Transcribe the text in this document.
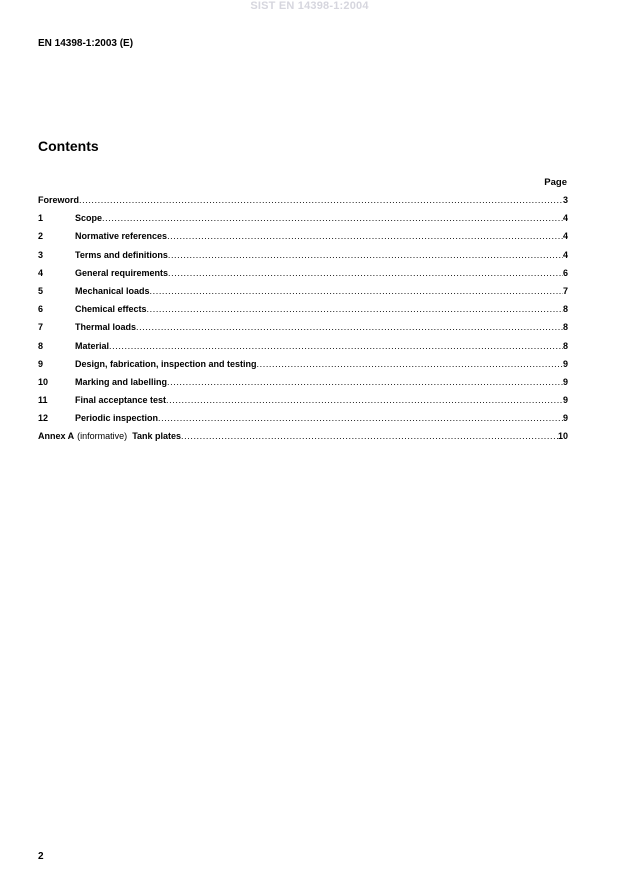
SIST EN 14398-1:2004
EN 14398-1:2003 (E)
Contents
Page
Foreword .....	3
1	Scope .....	4
2	Normative references .....	4
3	Terms and definitions .....	4
4	General requirements .....	6
5	Mechanical loads .....	7
6	Chemical effects .....	8
7	Thermal loads .....	8
8	Material .....	8
9	Design, fabrication, inspection and testing .....	9
10	Marking and labelling .....	9
11	Final acceptance test .....	9
12	Periodic inspection .....	9
Annex A (informative) Tank plates .....	10
2
